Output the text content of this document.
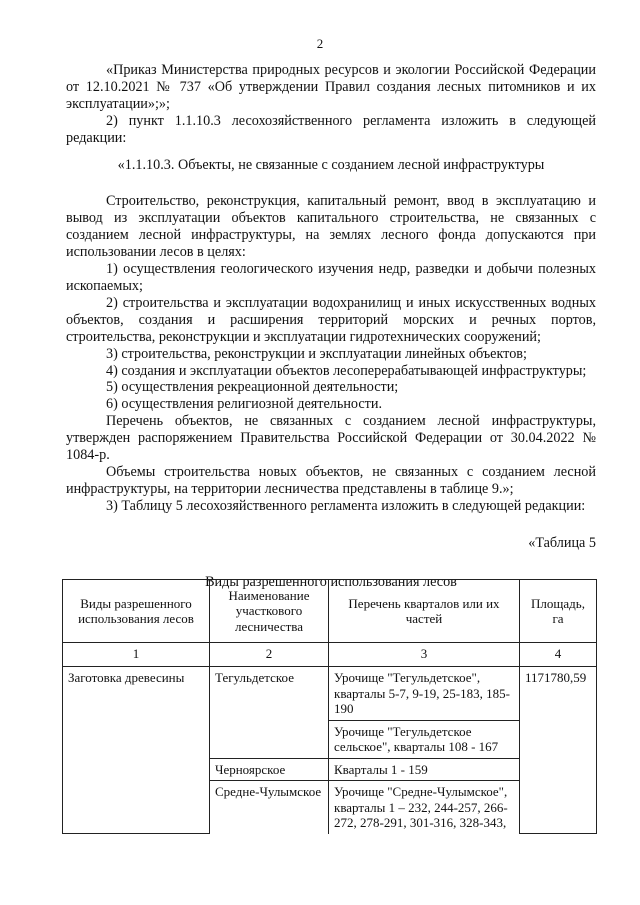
2

«Приказ Министерства природных ресурсов и экологии Российской Федерации от 12.10.2021 № 737 «Об утверждении Правил создания лесных питомников и их эксплуатации»;»;

2) пункт 1.1.10.3 лесохозяйственного регламента изложить в следующей редакции:

«1.1.10.3. Объекты, не связанные с созданием лесной инфраструктуры

Строительство, реконструкция, капитальный ремонт, ввод в эксплуатацию и вывод из эксплуатации объектов капитального строительства, не связанных с созданием лесной инфраструктуры, на землях лесного фонда допускаются при использовании лесов в целях:

1) осуществления геологического изучения недр, разведки и добычи полезных ископаемых;

2) строительства и эксплуатации водохранилищ и иных искусственных водных объектов, создания и расширения территорий морских и речных портов, строительства, реконструкции и эксплуатации гидротехнических сооружений;

3) строительства, реконструкции и эксплуатации линейных объектов;

4) создания и эксплуатации объектов лесоперерабатывающей инфраструктуры;

5) осуществления рекреационной деятельности;

6) осуществления религиозной деятельности.

Перечень объектов, не связанных с созданием лесной инфраструктуры, утвержден распоряжением Правительства Российской Федерации от 30.04.2022 № 1084-р.

Объемы строительства новых объектов, не связанных с созданием лесной инфраструктуры, на территории лесничества представлены в таблице 9.»;

3) Таблицу 5 лесохозяйственного регламента изложить в следующей редакции:

«Таблица 5

Виды разрешенного использования лесов

Виды разрешенного использования лесов	Наименование участкового лесничества	Перечень кварталов или их частей	Площадь, га
1	2	3	4
Заготовка древесины	Тегульдетское	Урочище "Тегульдетское", кварталы 5-7, 9-19, 25-183, 185-190	1171780,59
		Урочище "Тегульдетское сельское", кварталы 108 - 167	
	Черноярское	Кварталы 1 - 159	
	Средне-Чулымское	Урочище "Средне-Чулымское", кварталы 1 – 232, 244-257, 266-272, 278-291, 301-316, 328-343,	
